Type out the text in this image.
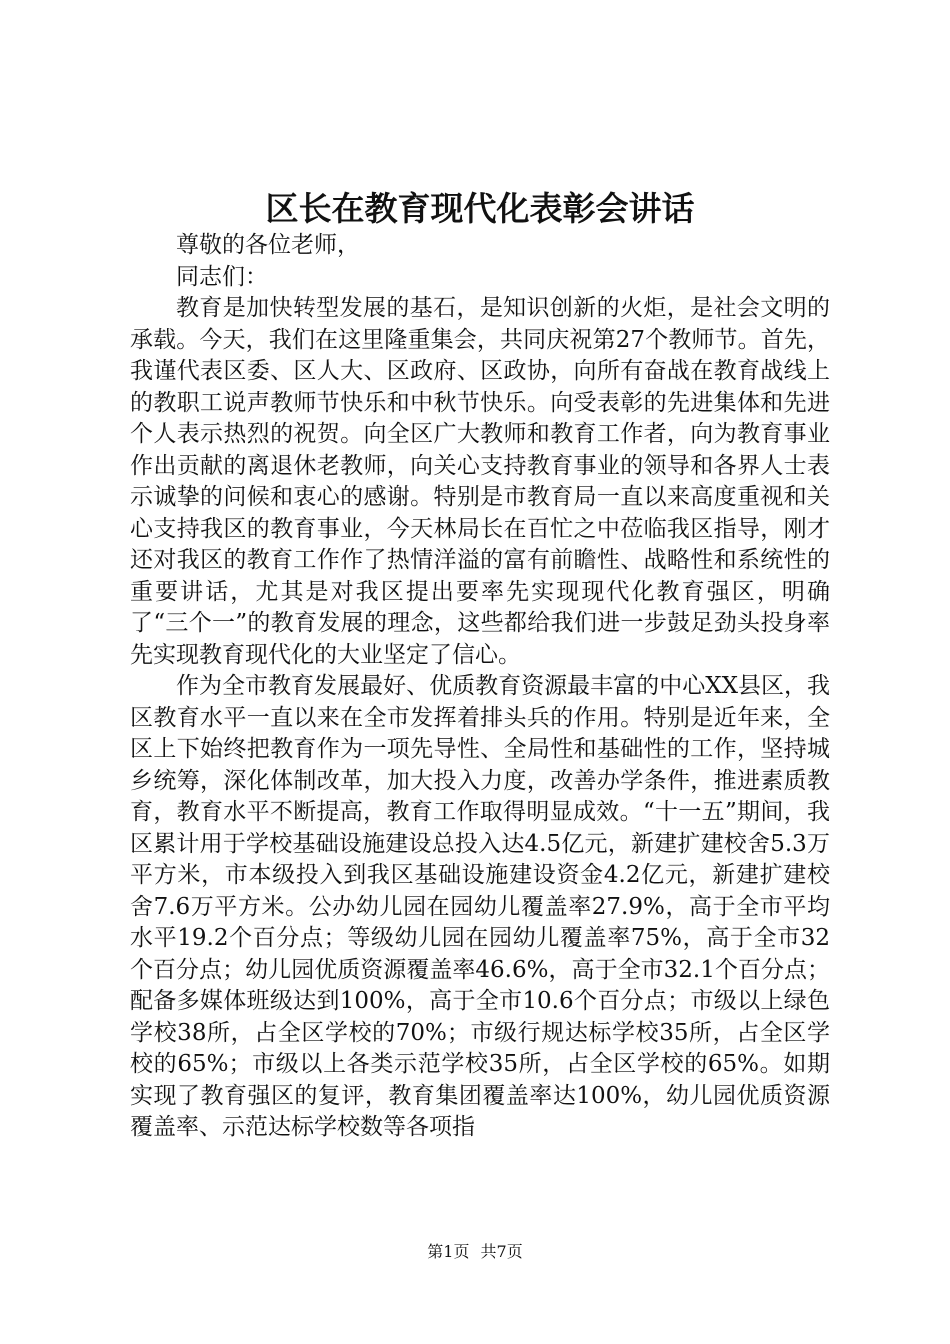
区长在教育现代化表彰会讲话

尊敬的各位老师，

同志们：

教育是加快转型发展的基石，是知识创新的火炬，是社会文明的承载。今天，我们在这里隆重集会，共同庆祝第27个教师节。首先，我谨代表区委、区人大、区政府、区政协，向所有奋战在教育战线上的教职工说声教师节快乐和中秋节快乐。向受表彰的先进集体和先进个人表示热烈的祝贺。向全区广大教师和教育工作者，向为教育事业作出贡献的离退休老教师，向关心支持教育事业的领导和各界人士表示诚挚的问候和衷心的感谢。特别是市教育局一直以来高度重视和关心支持我区的教育事业，今天林局长在百忙之中莅临我区指导，刚才还对我区的教育工作作了热情洋溢的富有前瞻性、战略性和系统性的重要讲话，尤其是对我区提出要率先实现现代化教育强区，明确了“三个一”的教育发展的理念，这些都给我们进一步鼓足劲头投身率先实现教育现代化的大业坚定了信心。

作为全市教育发展最好、优质教育资源最丰富的中心XX县区，我区教育水平一直以来在全市发挥着排头兵的作用。特别是近年来，全区上下始终把教育作为一项先导性、全局性和基础性的工作，坚持城乡统筹，深化体制改革，加大投入力度，改善办学条件，推进素质教育，教育水平不断提高，教育工作取得明显成效。“十一五”期间，我区累计用于学校基础设施建设总投入达4.5亿元，新建扩建校舍5.3万平方米，市本级投入到我区基础设施建设资金4.2亿元，新建扩建校舍7.6万平方米。公办幼儿园在园幼儿覆盖率27.9%，高于全市平均水平19.2个百分点；等级幼儿园在园幼儿覆盖率75%，高于全市32个百分点；幼儿园优质资源覆盖率46.6%，高于全市32.1个百分点；配备多媒体班级达到100%，高于全市10.6个百分点；市级以上绿色学校38所，占全区学校的70%；市级行规达标学校35所，占全区学校的65%；市级以上各类示范学校35所，占全区学校的65%。如期实现了教育强区的复评，教育集团覆盖率达100%，幼儿园优质资源覆盖率、示范达标学校数等各项指

第1页 共7页
